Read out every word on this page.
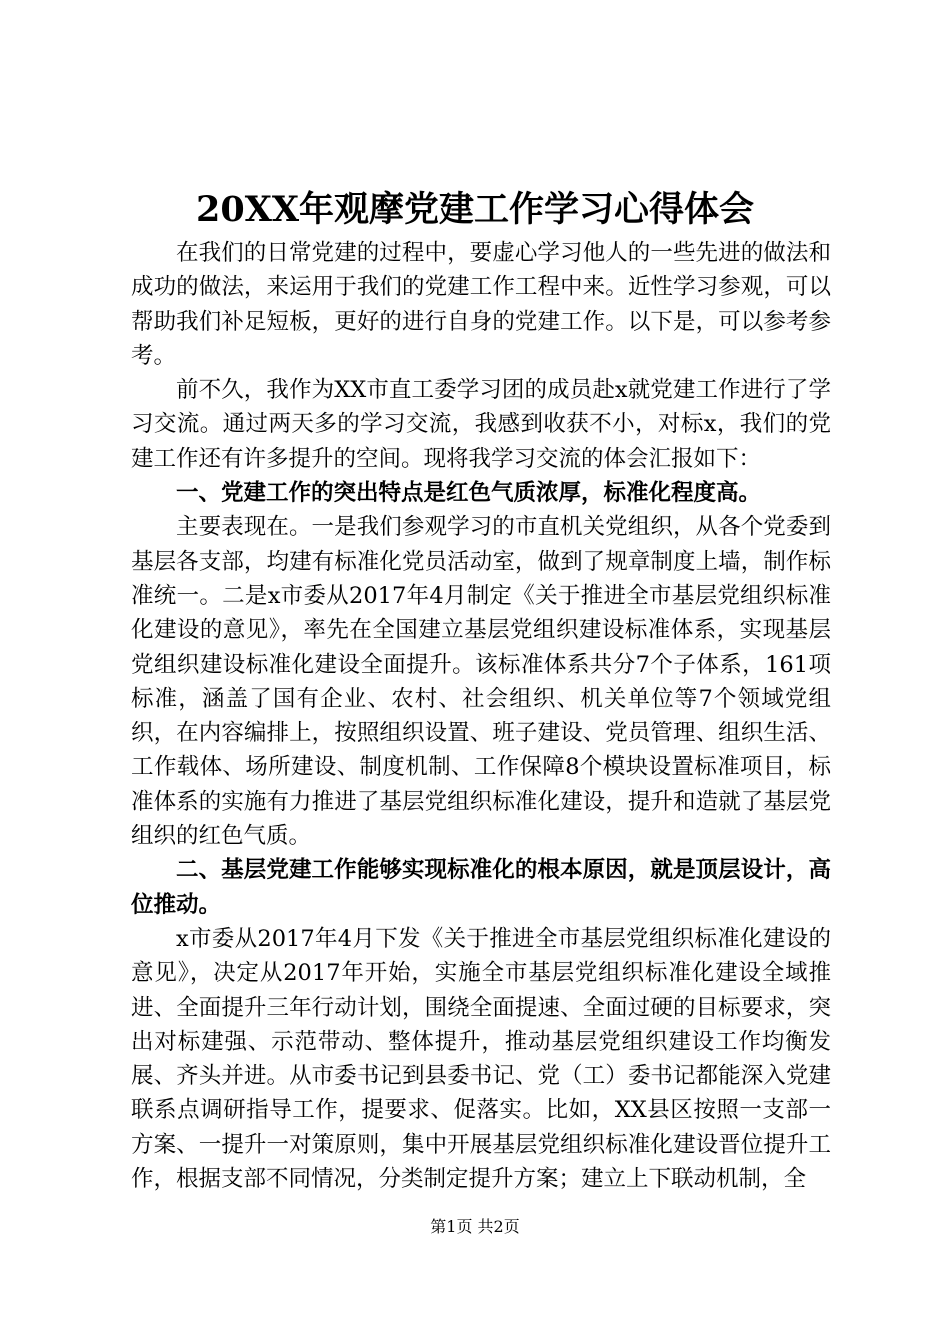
20XX年观摩党建工作学习心得体会

在我们的日常党建的过程中，要虚心学习他人的一些先进的做法和成功的做法，来运用于我们的党建工作工程中来。近性学习参观，可以帮助我们补足短板，更好的进行自身的党建工作。以下是，可以参考参考。

前不久，我作为XX市直工委学习团的成员赴x就党建工作进行了学习交流。通过两天多的学习交流，我感到收获不小，对标x，我们的党建工作还有许多提升的空间。现将我学习交流的体会汇报如下：

一、党建工作的突出特点是红色气质浓厚，标准化程度高。

主要表现在。一是我们参观学习的市直机关党组织，从各个党委到基层各支部，均建有标准化党员活动室，做到了规章制度上墙，制作标准统一。二是x市委从2017年4月制定《关于推进全市基层党组织标准化建设的意见》，率先在全国建立基层党组织建设标准体系，实现基层党组织建设标准化建设全面提升。该标准体系共分7个子体系，161项标准，涵盖了国有企业、农村、社会组织、机关单位等7个领域党组织，在内容编排上，按照组织设置、班子建设、党员管理、组织生活、工作载体、场所建设、制度机制、工作保障8个模块设置标准项目，标准体系的实施有力推进了基层党组织标准化建设，提升和造就了基层党组织的红色气质。

二、基层党建工作能够实现标准化的根本原因，就是顶层设计，高位推动。

x市委从2017年4月下发《关于推进全市基层党组织标准化建设的意见》，决定从2017年开始，实施全市基层党组织标准化建设全域推进、全面提升三年行动计划，围绕全面提速、全面过硬的目标要求，突出对标建强、示范带动、整体提升，推动基层党组织建设工作均衡发展、齐头并进。从市委书记到县委书记、党（工）委书记都能深入党建联系点调研指导工作，提要求、促落实。比如，XX县区按照一支部一方案、一提升一对策原则，集中开展基层党组织标准化建设晋位提升工作，根据支部不同情况，分类制定提升方案；建立上下联动机制，全

第1页 共2页
